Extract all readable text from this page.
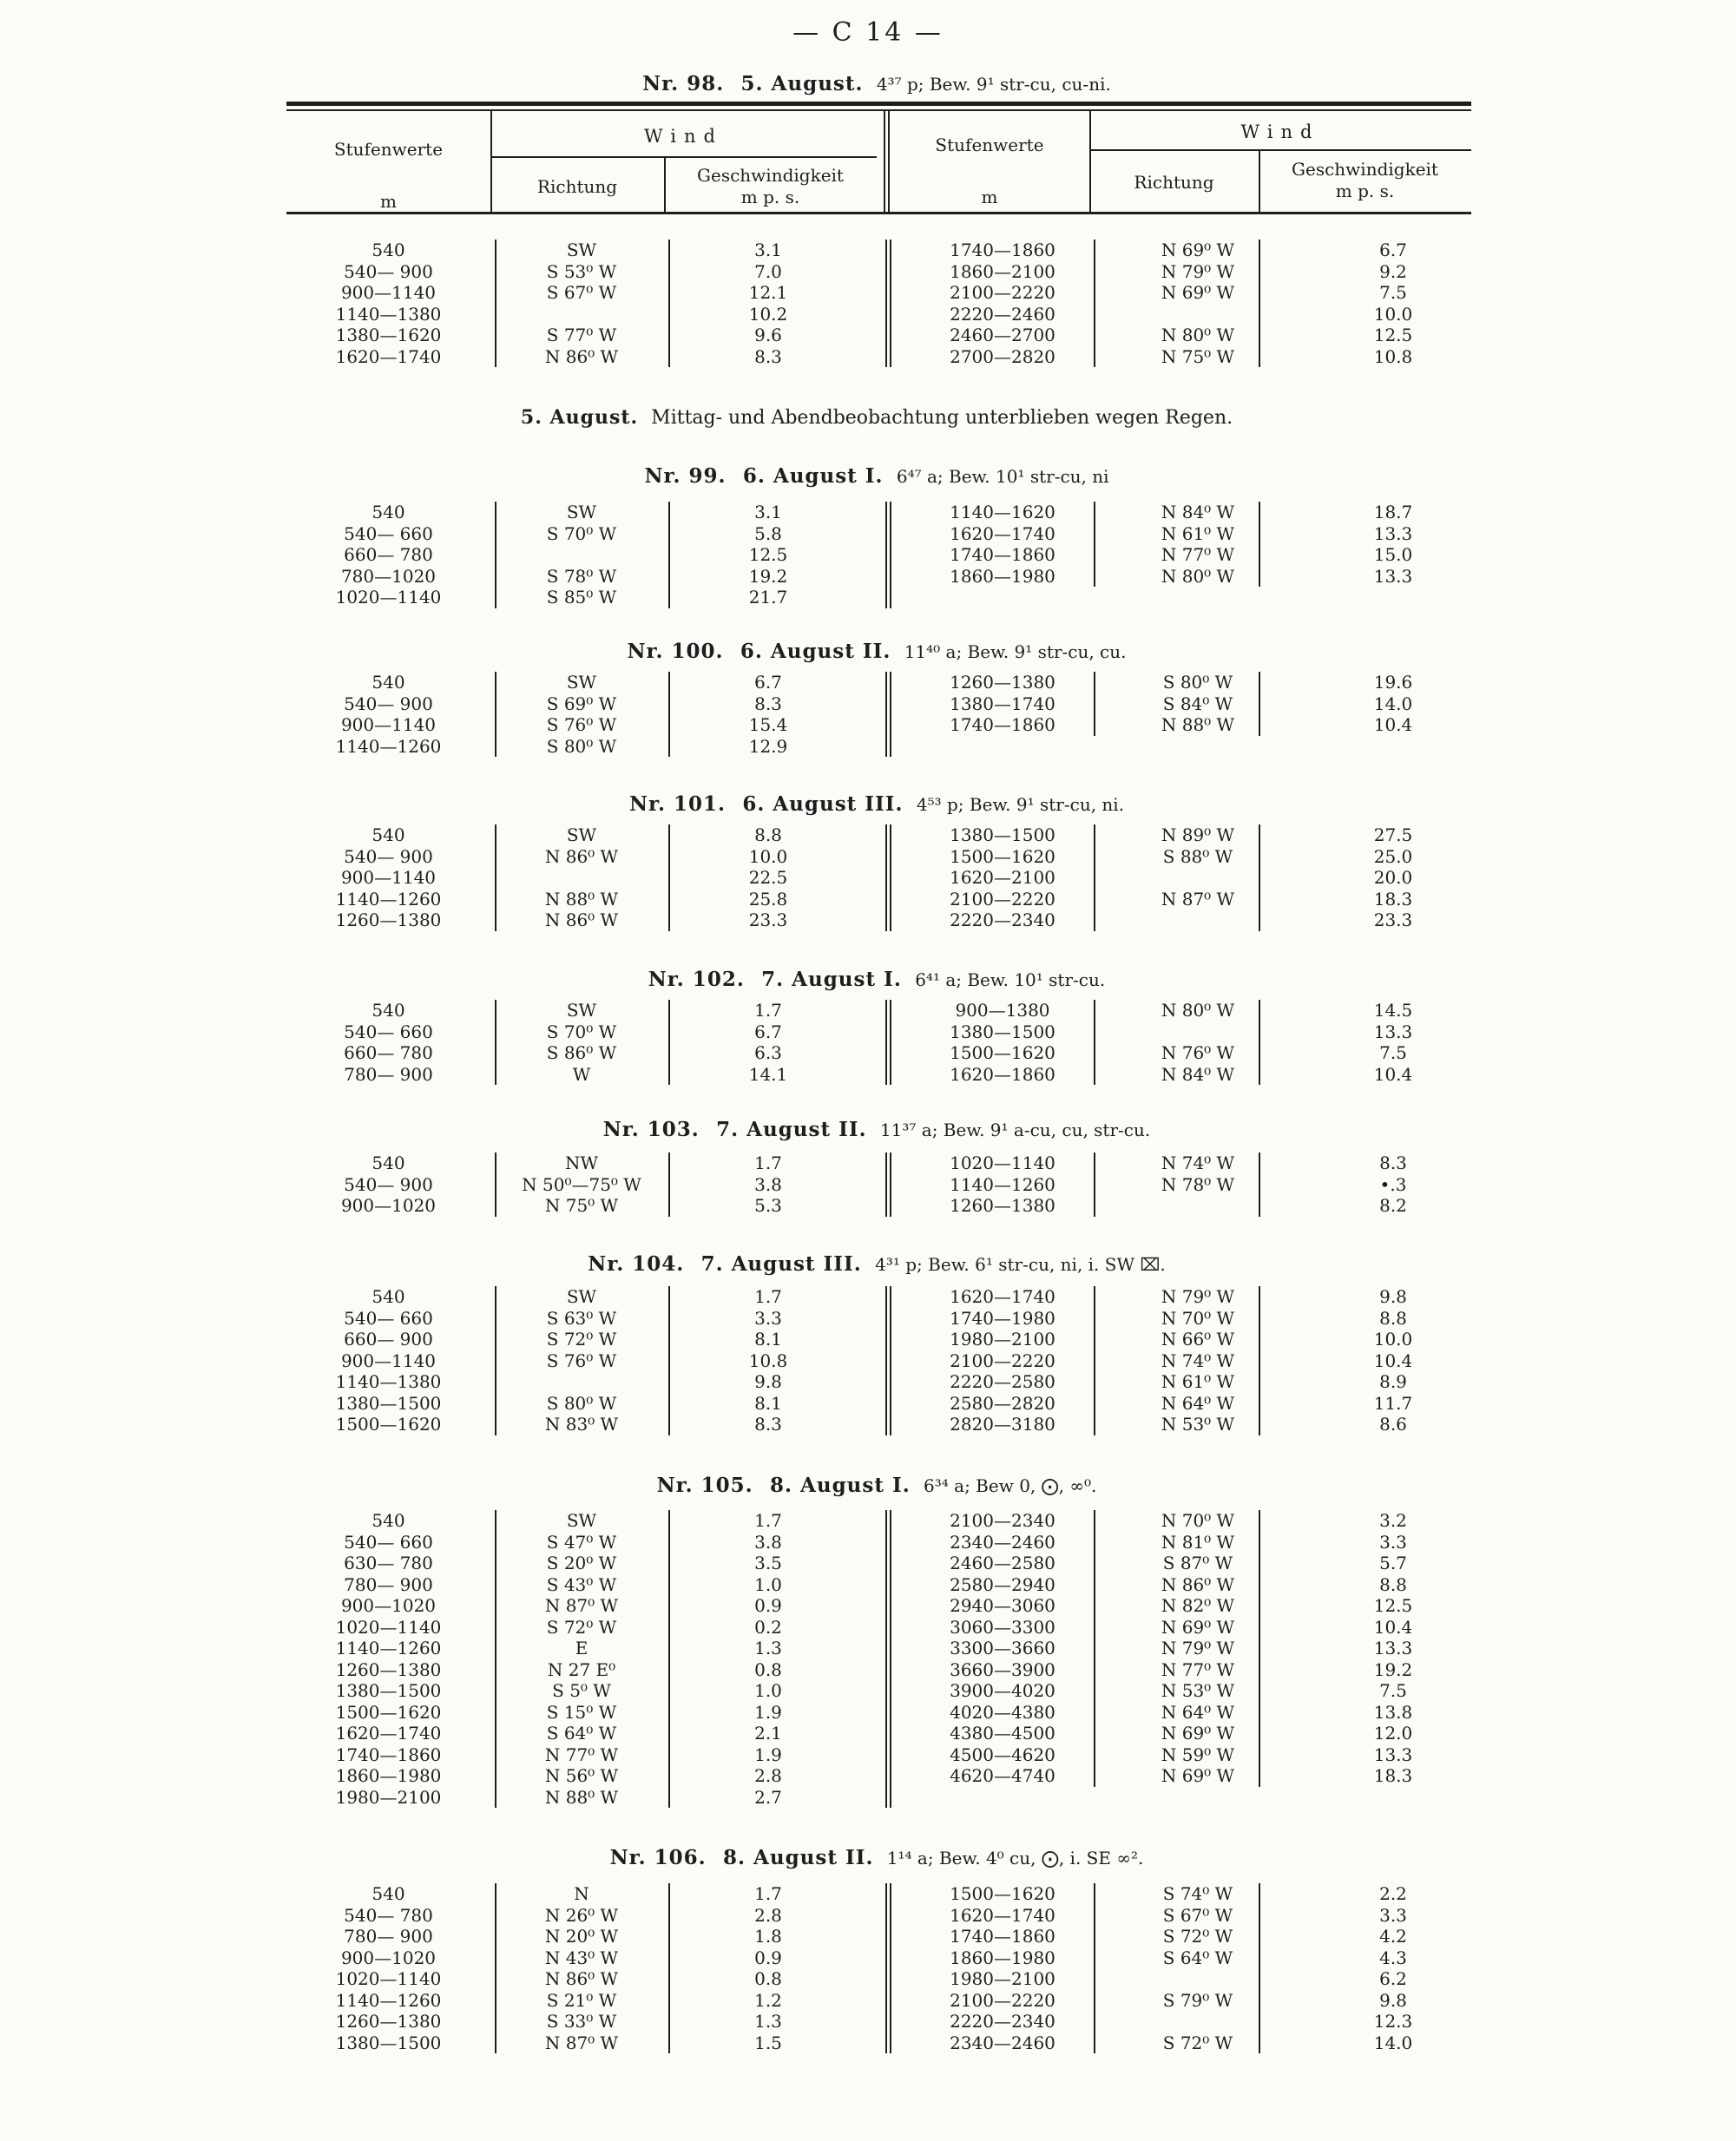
— C 14 —
Nr. 98. 5. August. 4³⁷ p; Bew. 9¹ str-cu, cu-ni.
Stufenwerte
m
Wind
Richtung
Geschwindigkeit
m p. s.
Stufenwerte
m
Wind
Richtung
Geschwindigkeit
m p. s.
540
540— 900
900—1140
1140—1380
1380—1620
1620—1740
SW
S 53⁰ W
S 67⁰ W
S 77⁰ W
N 86⁰ W
3.1
7.0
12.1
10.2
9.6
8.3
1740—1860
1860—2100
2100—2220
2220—2460
2460—2700
2700—2820
N 69⁰ W
N 79⁰ W
N 69⁰ W
N 80⁰ W
N 75⁰ W
6.7
9.2
7.5
10.0
12.5
10.8
5. August. Mittag- und Abendbeobachtung unterblieben wegen Regen.
Nr. 99. 6. August I. 6⁴⁷ a; Bew. 10¹ str-cu, ni
540
540— 660
660— 780
780—1020
1020—1140
SW
S 70⁰ W
S 78⁰ W
S 85⁰ W
3.1
5.8
12.5
19.2
21.7
1140—1620
1620—1740
1740—1860
1860—1980
N 84⁰ W
N 61⁰ W
N 77⁰ W
N 80⁰ W
18.7
13.3
15.0
13.3
Nr. 100. 6. August II. 11⁴⁰ a; Bew. 9¹ str-cu, cu.
540
540— 900
900—1140
1140—1260
SW
S 69⁰ W
S 76⁰ W
S 80⁰ W
6.7
8.3
15.4
12.9
1260—1380
1380—1740
1740—1860
S 80⁰ W
S 84⁰ W
N 88⁰ W
19.6
14.0
10.4
Nr. 101. 6. August III. 4⁵³ p; Bew. 9¹ str-cu, ni.
540
540— 900
900—1140
1140—1260
1260—1380
SW
N 86⁰ W
N 88⁰ W
N 86⁰ W
8.8
10.0
22.5
25.8
23.3
1380—1500
1500—1620
1620—2100
2100—2220
2220—2340
N 89⁰ W
S 88⁰ W
N 87⁰ W
27.5
25.0
20.0
18.3
23.3
Nr. 102. 7. August I. 6⁴¹ a; Bew. 10¹ str-cu.
540
540— 660
660— 780
780— 900
SW
S 70⁰ W
S 86⁰ W
W
1.7
6.7
6.3
14.1
900—1380
1380—1500
1500—1620
1620—1860
N 80⁰ W
N 76⁰ W
N 84⁰ W
14.5
13.3
7.5
10.4
Nr. 103. 7. August II. 11³⁷ a; Bew. 9¹ a-cu, cu, str-cu.
540
540— 900
900—1020
NW
N 50⁰—75⁰ W
N 75⁰ W
1.7
3.8
5.3
1020—1140
1140—1260
1260—1380
N 74⁰ W
N 78⁰ W
8.3
•.3
8.2
Nr. 104. 7. August III. 4³¹ p; Bew. 6¹ str-cu, ni, i. SW ⌧.
540
540— 660
660— 900
900—1140
1140—1380
1380—1500
1500—1620
SW
S 63⁰ W
S 72⁰ W
S 76⁰ W
S 80⁰ W
N 83⁰ W
1.7
3.3
8.1
10.8
9.8
8.1
8.3
1620—1740
1740—1980
1980—2100
2100—2220
2220—2580
2580—2820
2820—3180
N 79⁰ W
N 70⁰ W
N 66⁰ W
N 74⁰ W
N 61⁰ W
N 64⁰ W
N 53⁰ W
9.8
8.8
10.0
10.4
8.9
11.7
8.6
Nr. 105. 8. August I. 6³⁴ a; Bew 0, ⨀, ∞⁰.
540
540— 660
630— 780
780— 900
900—1020
1020—1140
1140—1260
1260—1380
1380—1500
1500—1620
1620—1740
1740—1860
1860—1980
1980—2100
SW
S 47⁰ W
S 20⁰ W
S 43⁰ W
N 87⁰ W
S 72⁰ W
E
N 27 E⁰
S 5⁰ W
S 15⁰ W
S 64⁰ W
N 77⁰ W
N 56⁰ W
N 88⁰ W
1.7
3.8
3.5
1.0
0.9
0.2
1.3
0.8
1.0
1.9
2.1
1.9
2.8
2.7
2100—2340
2340—2460
2460—2580
2580—2940
2940—3060
3060—3300
3300—3660
3660—3900
3900—4020
4020—4380
4380—4500
4500—4620
4620—4740
N 70⁰ W
N 81⁰ W
S 87⁰ W
N 86⁰ W
N 82⁰ W
N 69⁰ W
N 79⁰ W
N 77⁰ W
N 53⁰ W
N 64⁰ W
N 69⁰ W
N 59⁰ W
N 69⁰ W
3.2
3.3
5.7
8.8
12.5
10.4
13.3
19.2
7.5
13.8
12.0
13.3
18.3
Nr. 106. 8. August II. 1¹⁴ a; Bew. 4⁰ cu, ⨀, i. SE ∞².
540
540— 780
780— 900
900—1020
1020—1140
1140—1260
1260—1380
1380—1500
N
N 26⁰ W
N 20⁰ W
N 43⁰ W
N 86⁰ W
S 21⁰ W
S 33⁰ W
N 87⁰ W
1.7
2.8
1.8
0.9
0.8
1.2
1.3
1.5
1500—1620
1620—1740
1740—1860
1860—1980
1980—2100
2100—2220
2220—2340
2340—2460
S 74⁰ W
S 67⁰ W
S 72⁰ W
S 64⁰ W
S 79⁰ W
S 72⁰ W
2.2
3.3
4.2
4.3
6.2
9.8
12.3
14.0
